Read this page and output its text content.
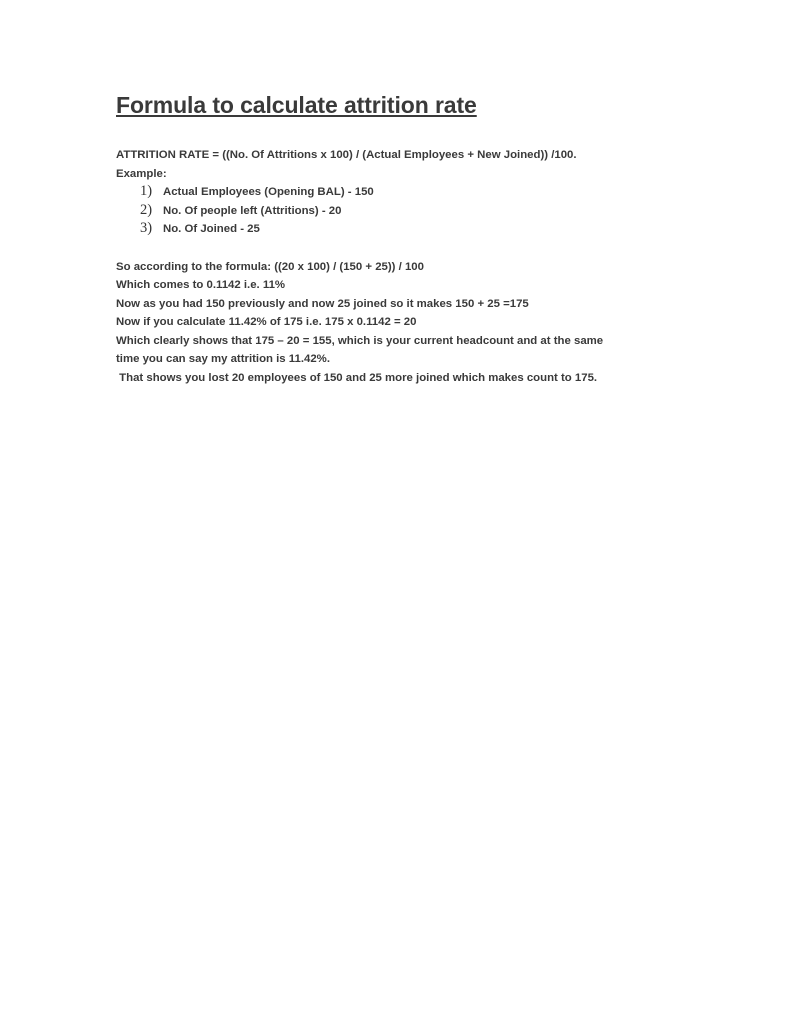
Formula to calculate attrition rate

ATTRITION RATE = ((No. Of Attritions x 100) / (Actual Employees + New Joined)) /100.

Example:

1) Actual Employees (Opening BAL) - 150
2) No. Of people left (Attritions) - 20
3) No. Of Joined - 25

So according to the formula: ((20 x 100) / (150 + 25)) / 100

Which comes to 0.1142 i.e. 11%

Now as you had 150 previously and now 25 joined so it makes 150 + 25 =175

Now if you calculate 11.42% of 175 i.e. 175 x 0.1142 = 20

Which clearly shows that 175 – 20 = 155, which is your current headcount and at the same

time you can say my attrition is 11.42%.

That shows you lost 20 employees of 150 and 25 more joined which makes count to 175.
